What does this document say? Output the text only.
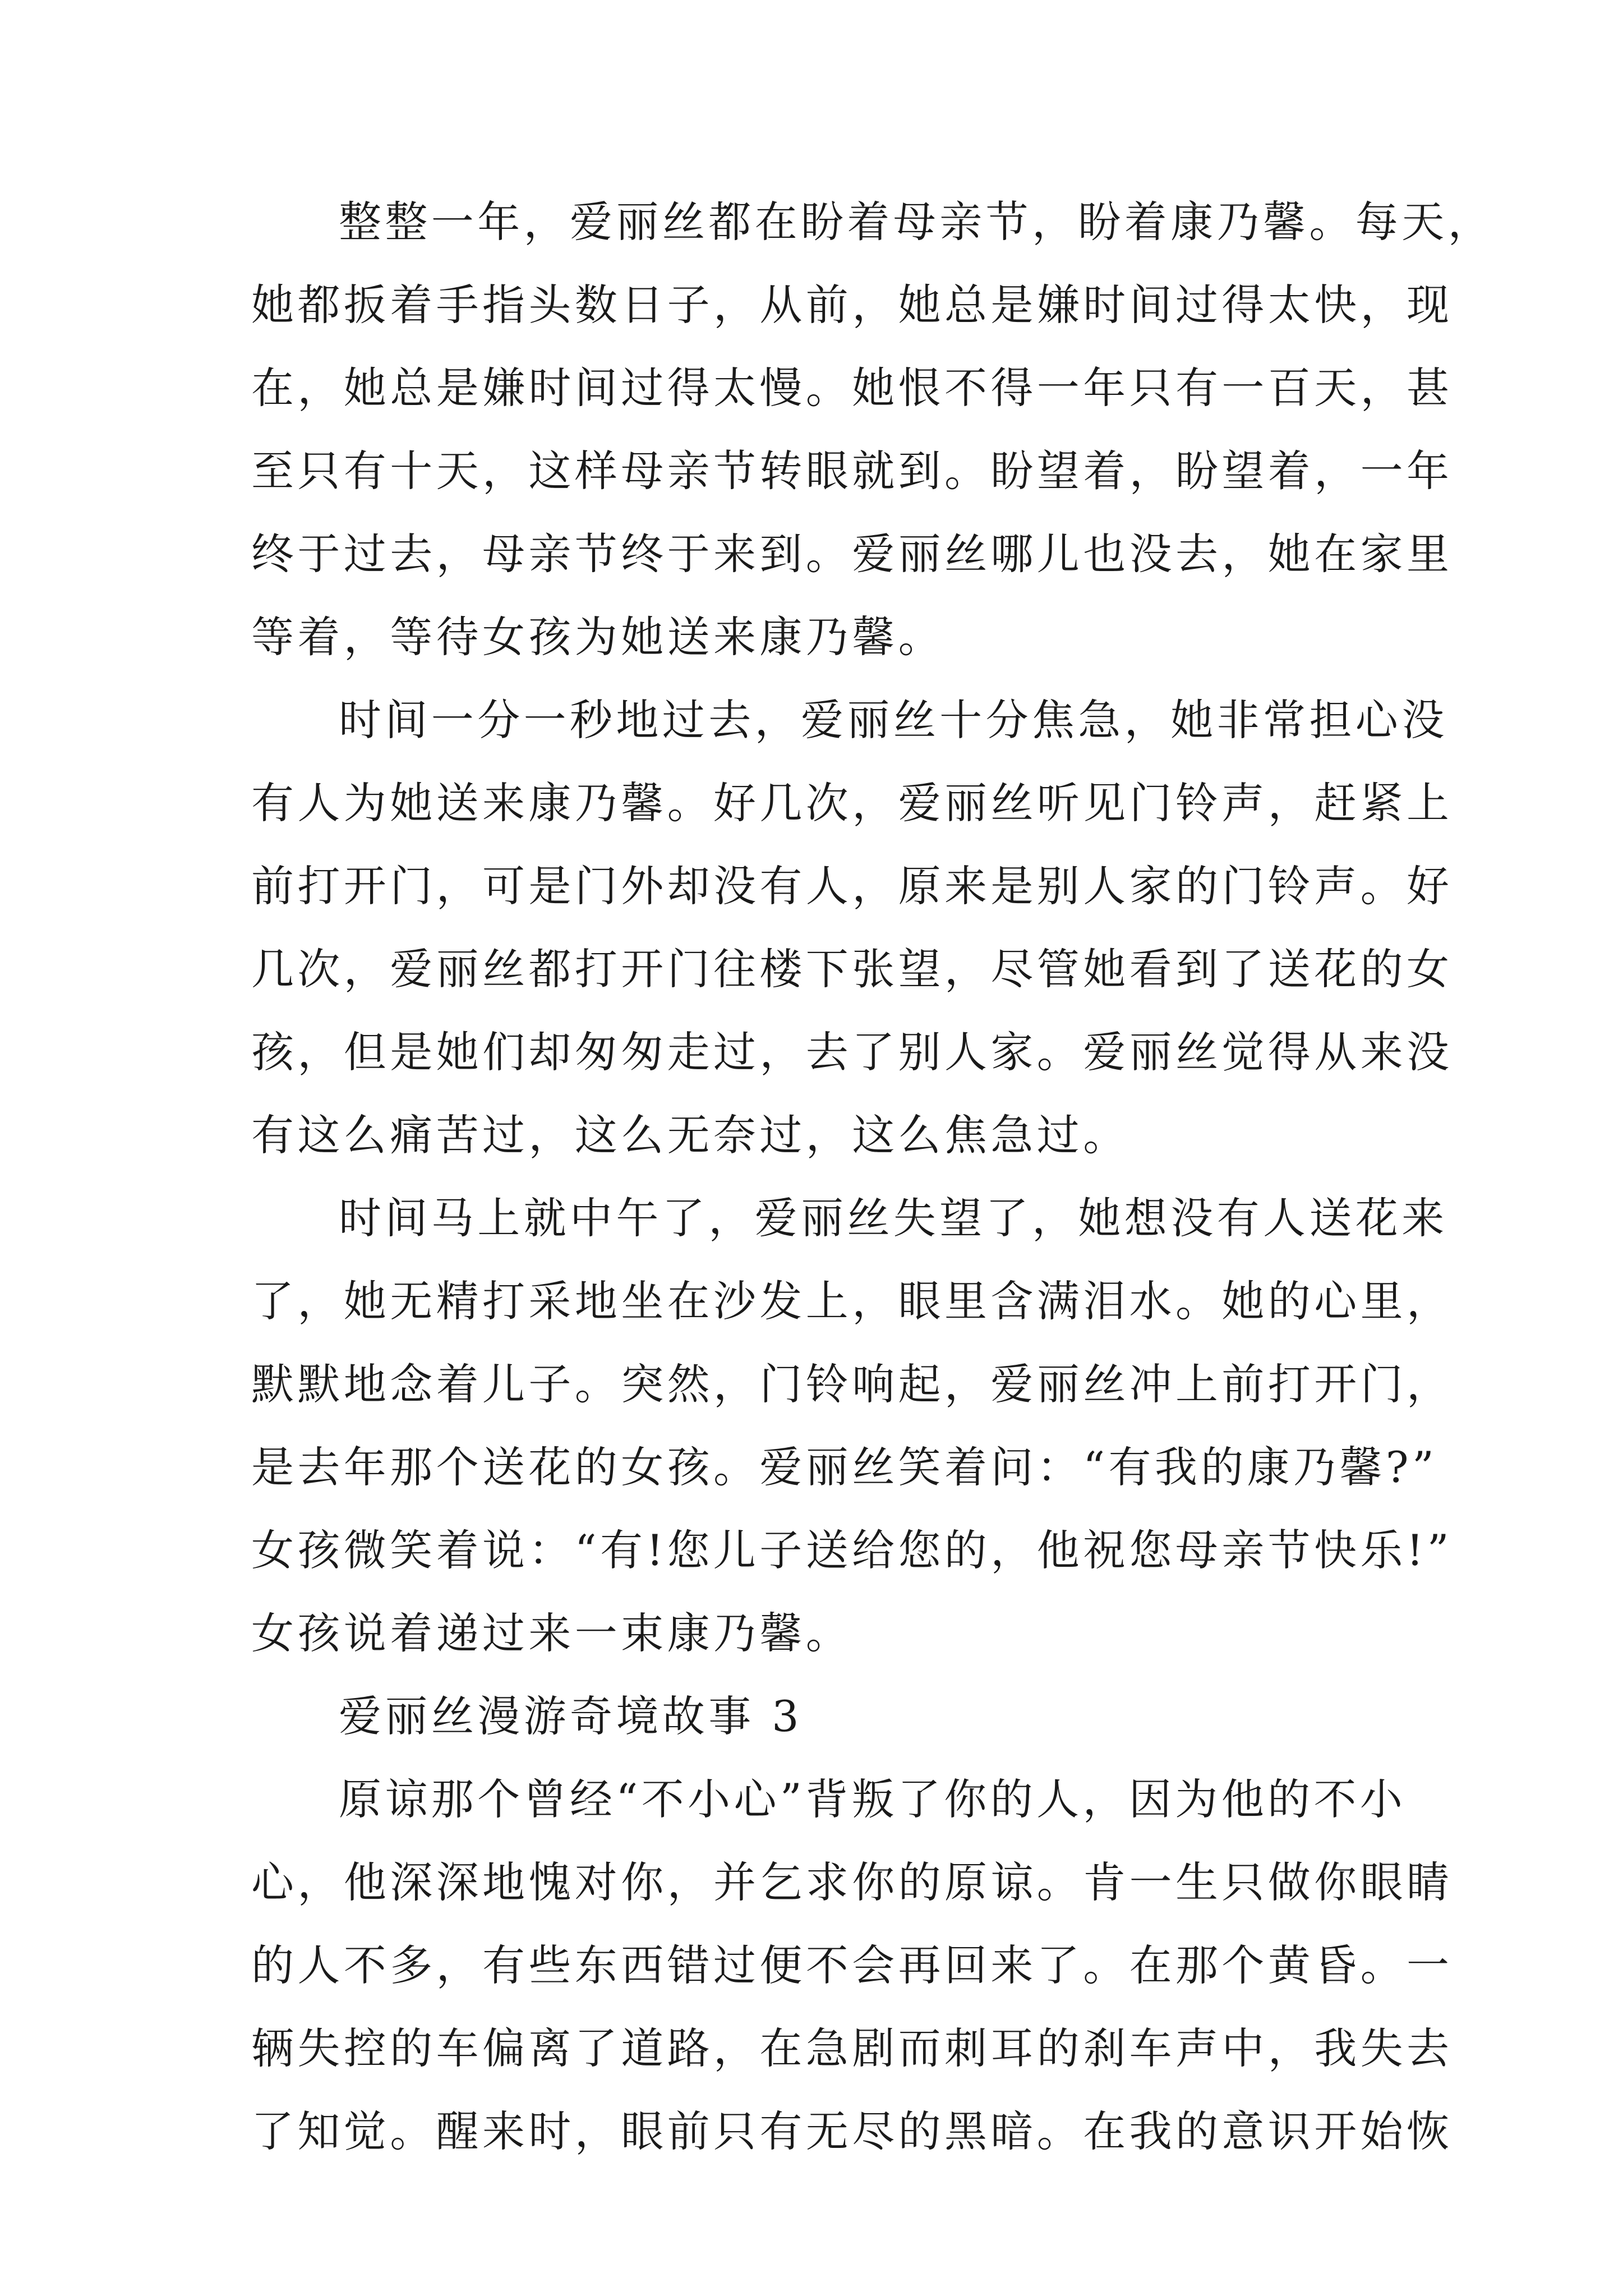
整整一年，爱丽丝都在盼着母亲节，盼着康乃馨。每天，
她都扳着手指头数日子，从前，她总是嫌时间过得太快，现
在，她总是嫌时间过得太慢。她恨不得一年只有一百天，甚
至只有十天，这样母亲节转眼就到。盼望着，盼望着，一年
终于过去，母亲节终于来到。爱丽丝哪儿也没去，她在家里
等着，等待女孩为她送来康乃馨。
时间一分一秒地过去，爱丽丝十分焦急，她非常担心没
有人为她送来康乃馨。好几次，爱丽丝听见门铃声，赶紧上
前打开门，可是门外却没有人，原来是别人家的门铃声。好
几次，爱丽丝都打开门往楼下张望，尽管她看到了送花的女
孩，但是她们却匆匆走过，去了别人家。爱丽丝觉得从来没
有这么痛苦过，这么无奈过，这么焦急过。
时间马上就中午了，爱丽丝失望了，她想没有人送花来
了，她无精打采地坐在沙发上，眼里含满泪水。她的心里，
默默地念着儿子。突然，门铃响起，爱丽丝冲上前打开门，
是去年那个送花的女孩。爱丽丝笑着问：“有我的康乃馨?”
女孩微笑着说：“有!您儿子送给您的，他祝您母亲节快乐!”
女孩说着递过来一束康乃馨。
爱丽丝漫游奇境故事 3
原谅那个曾经“不小心”背叛了你的人，因为他的不小
心，他深深地愧对你，并乞求你的原谅。肯一生只做你眼睛
的人不多，有些东西错过便不会再回来了。在那个黄昏。一
辆失控的车偏离了道路，在急剧而刺耳的刹车声中，我失去
了知觉。醒来时，眼前只有无尽的黑暗。在我的意识开始恢
